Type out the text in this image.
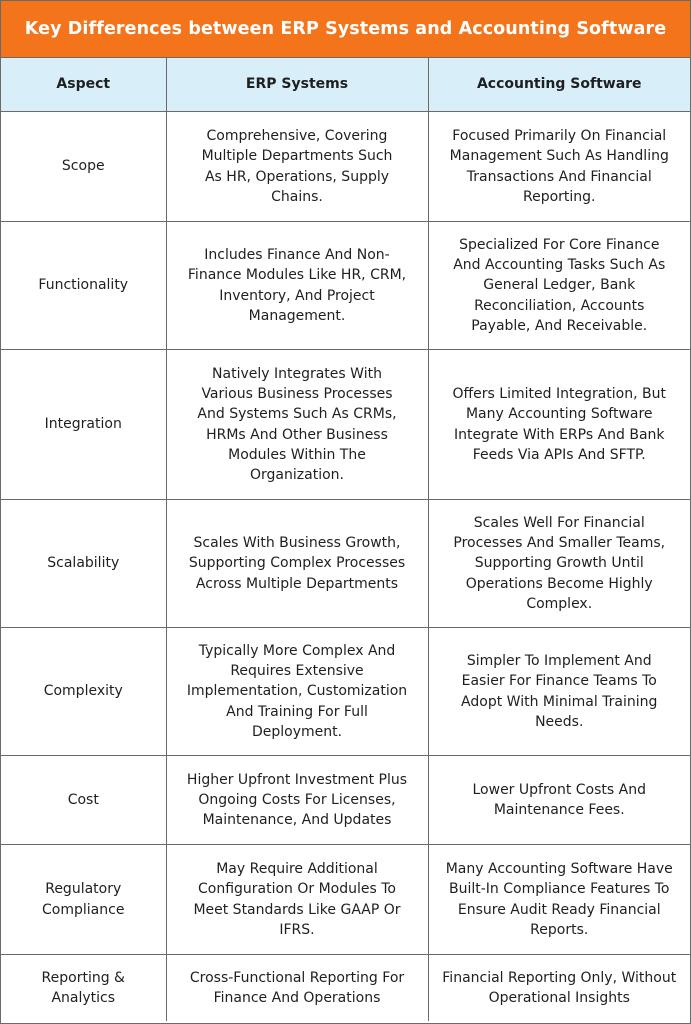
Key Differences between ERP Systems and Accounting Software
Aspect	ERP Systems	Accounting Software
Scope	Comprehensive, Covering Multiple Departments Such As HR, Operations, Supply Chains.	Focused Primarily On Financial Management Such As Handling Transactions And Financial Reporting.
Functionality	Includes Finance And Non-Finance Modules Like HR, CRM, Inventory, And Project Management.	Specialized For Core Finance And Accounting Tasks Such As General Ledger, Bank Reconciliation, Accounts Payable, And Receivable.
Integration	Natively Integrates With Various Business Processes And Systems Such As CRMs, HRMs And Other Business Modules Within The Organization.	Offers Limited Integration, But Many Accounting Software Integrate With ERPs And Bank Feeds Via APIs And SFTP.
Scalability	Scales With Business Growth, Supporting Complex Processes Across Multiple Departments	Scales Well For Financial Processes And Smaller Teams, Supporting Growth Until Operations Become Highly Complex.
Complexity	Typically More Complex And Requires Extensive Implementation, Customization And Training For Full Deployment.	Simpler To Implement And Easier For Finance Teams To Adopt With Minimal Training Needs.
Cost	Higher Upfront Investment Plus Ongoing Costs For Licenses, Maintenance, And Updates	Lower Upfront Costs And Maintenance Fees.
Regulatory Compliance	May Require Additional Configuration Or Modules To Meet Standards Like GAAP Or IFRS.	Many Accounting Software Have Built-In Compliance Features To Ensure Audit Ready Financial Reports.
Reporting & Analytics	Cross-Functional Reporting For Finance And Operations	Financial Reporting Only, Without Operational Insights
